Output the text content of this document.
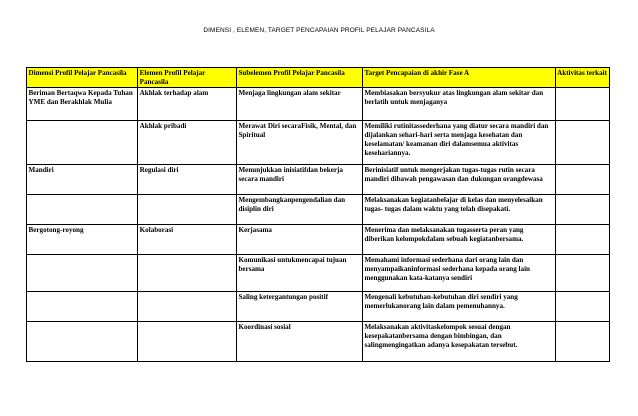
DIMENSI , ELEMEN, TARGET PENCAPAIAN PROFIL PELAJAR PANCASILA
Dimensi Profil Pelajar Pancasila	Elemen Profil Pelajar Pancasila	Subelemen Profil Pelajar Pancasila	Target Pencapaian di akhir Fase A	Aktivitas terkait
Beriman Bertaqwa Kepada Tuhan YME dan Berakhlak Mulia	Akhlak terhadap alam	Menjaga lingkungan alam sekitar	Membiasakan bersyukur atas lingkungan alam sekitar dan berlatih untuk menjaganya	
	Akhlak pribadi	Merawat Diri secaraFisik, Mental, dan Spiritual	Memiliki rutinitassederhana yang diatur secara mandiri dan dijalankan sehari-hari serta menjaga kesehatan dan keselamatan/ keamanan diri dalamsemua aktivitas kesehariannya.	
Mandiri	Regulasi diri	Menunjukkan inisiatifdan bekerja secara mandiri	Berinisiatif untuk mengerjakan tugas-tugas rutin secara mandiri dibawah pengawasan dan dukungan orangdewasa	
		Mengembangkanpengendalian dan disiplin diri	Melaksanakan kegiatanbelajar di kelas dan menyelesaikan tugas- tugas dalam waktu yang telah disepakati.	
Bergotong-royong	Kolaborasi	Kerjasama	Menerima dan melaksanakan tugasserta peran yang diberikan kelompokdalam sebuah kegiatanbersama.	
		Komunikasi untukmencapai tujuan bersama	Memahami informasi sederhana dari orang lain dan menyampaikaninformasi sederhana kepada orang lain menggunakan kata-katanya sendiri	
		Saling ketergantungan positif	Mengenali kebutuhan-kebutuhan diri sendiri yang memerlukanorang lain dalam pemenuhannya.	
		Koordinasi sosial	Melaksanakan aktivitaskelompok sesuai dengan kesepakatanbersama dengan bimbingan, dan salingmengingatkan adanya kesepakatan tersebut.	
